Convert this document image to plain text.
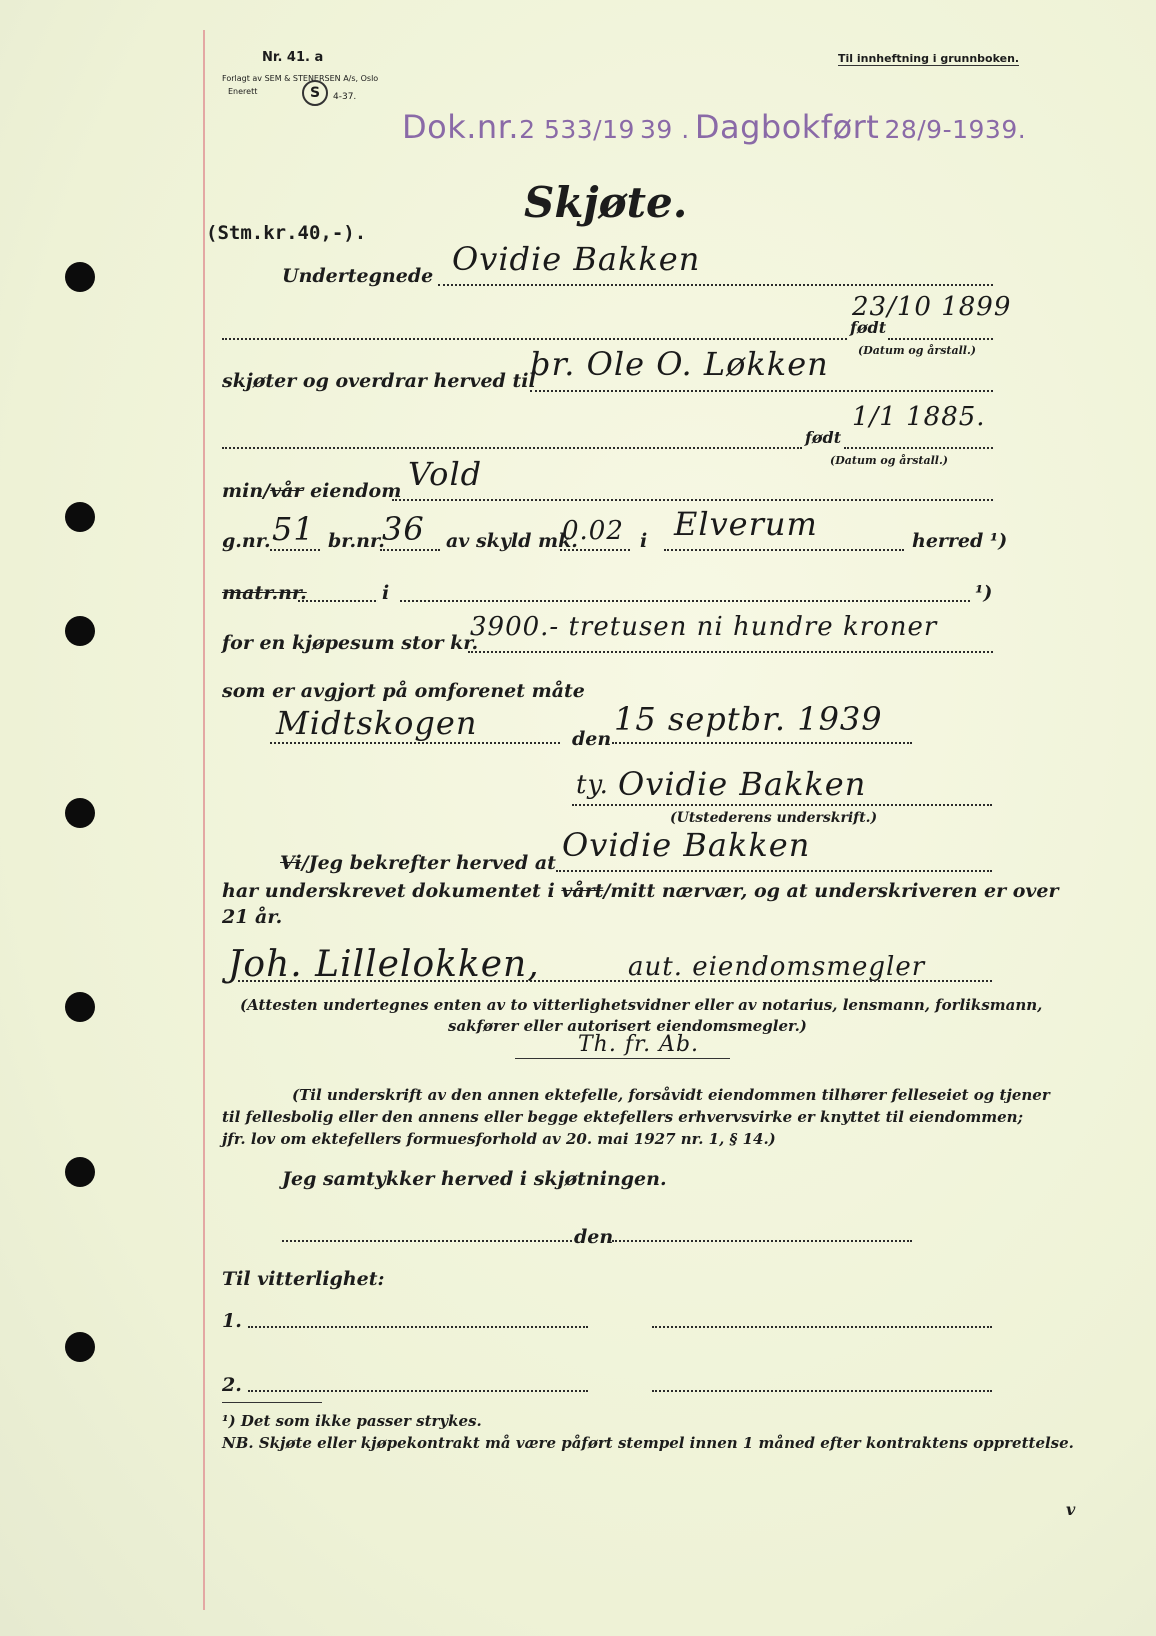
Nr. 41. a
Forlagt av SEM & STENERSEN A/s, Oslo
Enerett	S	4-37.
Til innheftning i grunnboken.
Dok.nr.2 533/19 39 . Dagbokført 28/9-1939.
Skjøte.
(Stm.kr.40,-).
Undertegnede Ovidie Bakken
født
23/10 1899
(Datum og årstall.)
skjøter og overdrar herved til
br. Ole O. Løkken
født
1/1 1885.
(Datum og årstall.)
min/vår eiendom Vold
g.nr. 51 br.nr.
36 av skyld mk.
0.02 i Elverum	herred ¹)
matr.nr.	i	¹)
for en kjøpesum stor kr.
3900.- tretusen ni hundre kroner
som er avgjort på omforenet måte
Midtskogen	den
15 septbr. 1939
ty. Ovidie Bakken
(Utstederens underskrift.)
Vi/Jeg bekrefter herved at Ovidie Bakken
har underskrevet dokumentet i vårt/mitt nærvær, og at underskriveren er over
21 år.
Joh. Lillelokken,	aut. eiendomsmegler
(Attesten undertegnes enten av to vitterlighetsvidner eller av notarius, lensmann, forliksmann,
sakfører eller autorisert eiendomsmegler.)
Th. fr. Ab.
(Til underskrift av den annen ektefelle, forsåvidt eiendommen tilhører felleseiet og tjener
til fellesbolig eller den annens eller begge ektefellers erhvervsvirke er knyttet til eiendommen;
jfr. lov om ektefellers formuesforhold av 20. mai 1927 nr. 1, § 14.)
Jeg samtykker herved i skjøtningen.
den
Til vitterlighet:
1.
2.
¹) Det som ikke passer strykes.
NB. Skjøte eller kjøpekontrakt må være påført stempel innen 1 måned efter kontraktens opprettelse.
v
